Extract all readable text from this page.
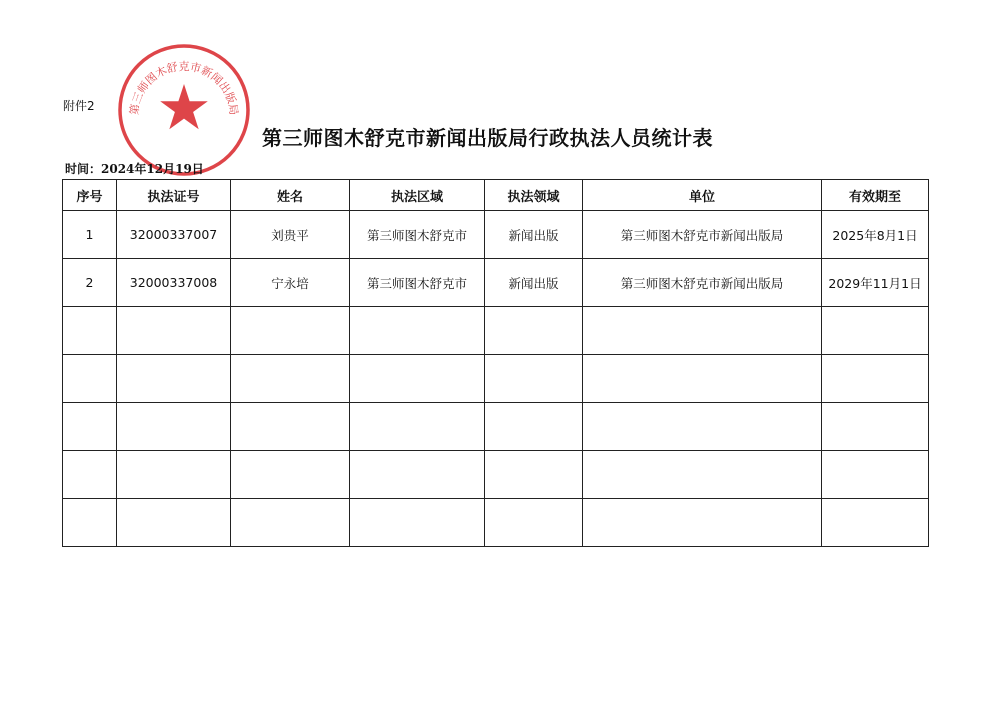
附件2	第三师图木舒克市新闻出版局
第三师图木舒克市新闻出版局行政执法人员统计表
时间：2024年12月19日
序号	执法证号	姓名	执法区域	执法领域	单位	有效期至
1	32000337007	刘贵平	第三师图木舒克市	新闻出版	第三师图木舒克市新闻出版局	2025年8月1日
2	32000337008	宁永培	第三师图木舒克市	新闻出版	第三师图木舒克市新闻出版局	2029年11月1日
